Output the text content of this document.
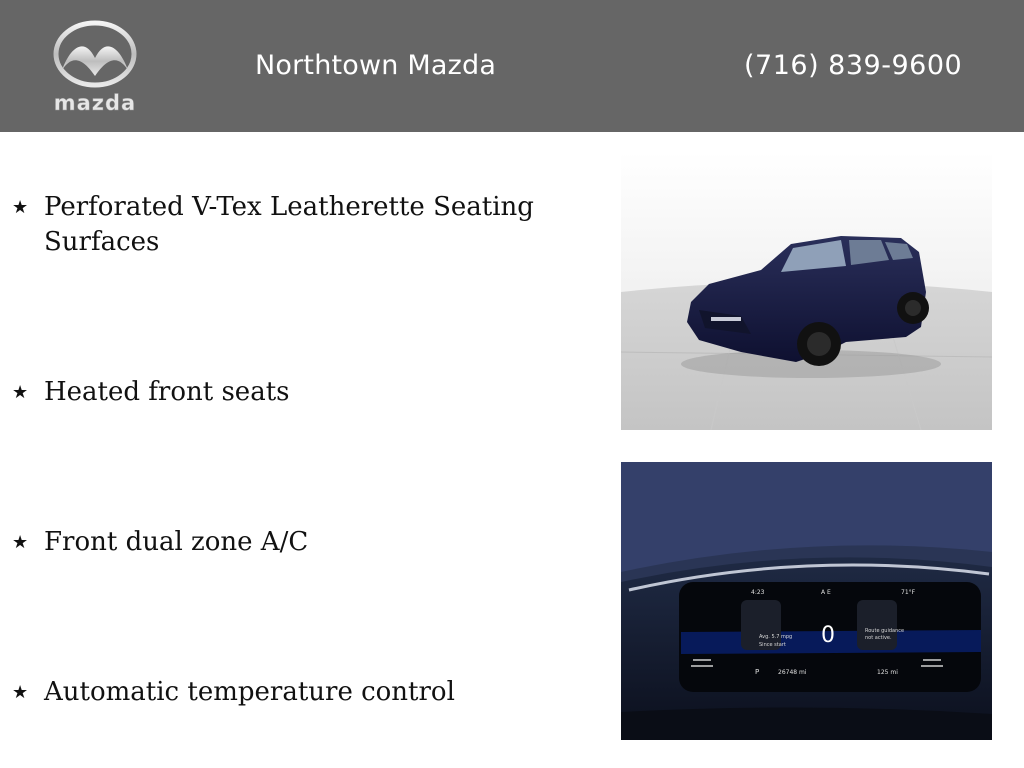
mazda
Northtown Mazda	(716) 839-9600
★ Perforated V-Tex Leatherette Seating Surfaces
★ Heated front seats
★ Front dual zone A/C
★ Automatic temperature control
4:23	A E	71°F
0
Avg. 5.7 mpg
Since start
Route guidance
not active.
P	26748 mi	125 mi
